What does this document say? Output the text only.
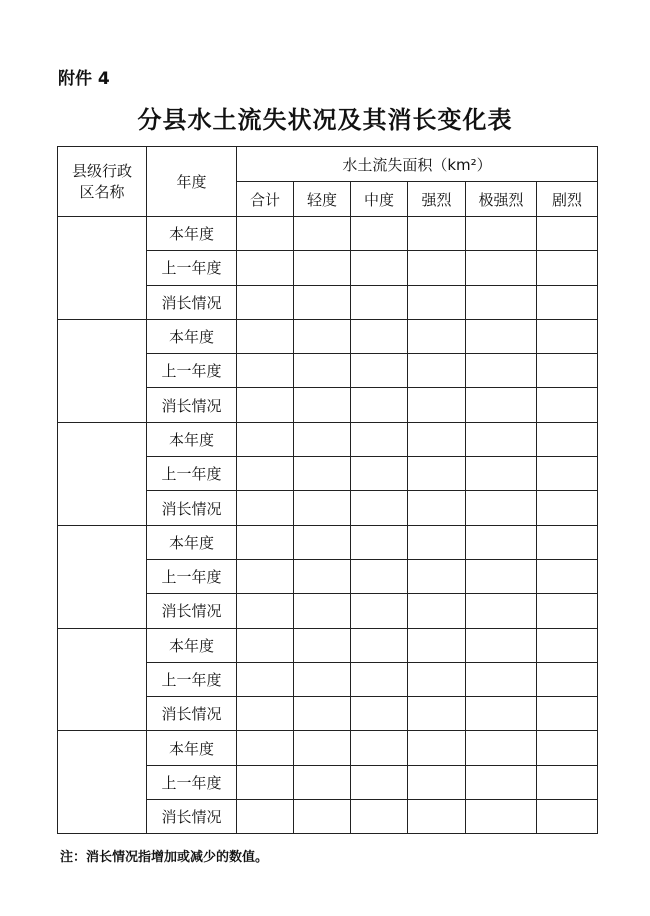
附件 4
分县水土流失状况及其消长变化表
县级行政
区名称	年度	水土流失面积（km²）					
		合计	轻度	中度	强烈	极强烈	剧烈
	本年度						
	上一年度						
	消长情况						
	本年度						
	上一年度						
	消长情况						
	本年度						
	上一年度						
	消长情况						
	本年度						
	上一年度						
	消长情况						
	本年度						
	上一年度						
	消长情况						
	本年度						
	上一年度						
	消长情况						
注：消长情况指增加或减少的数值。
